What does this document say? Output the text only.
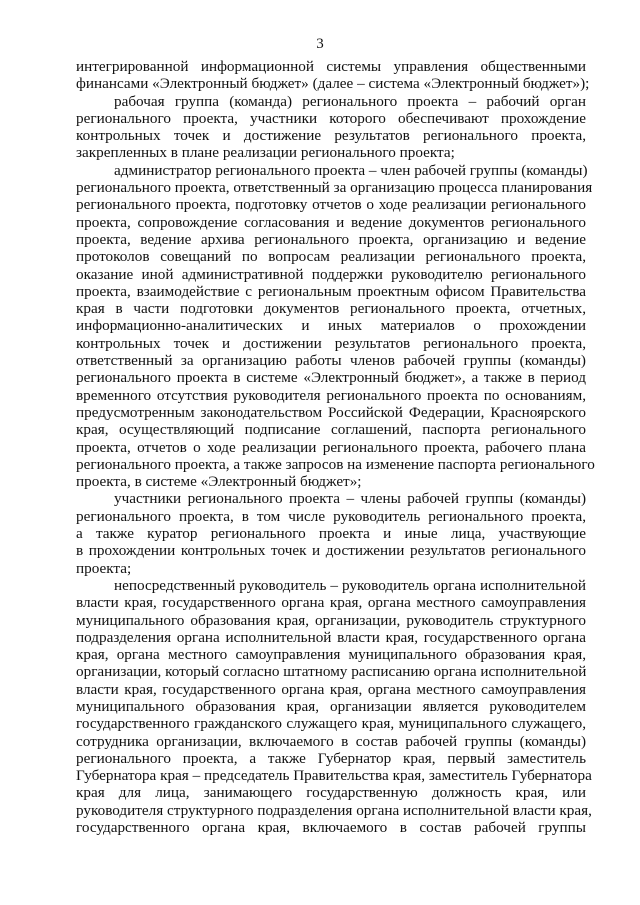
3
интегрированной информационной системы управления общественными
финансами «Электронный бюджет» (далее – система «Электронный бюджет»);
рабочая группа (команда) регионального проекта – рабочий орган
регионального проекта, участники которого обеспечивают прохождение
контрольных точек и достижение результатов регионального проекта,
закрепленных в плане реализации регионального проекта;
администратор регионального проекта – член рабочей группы (команды)
регионального проекта, ответственный за организацию процесса планирования
регионального проекта, подготовку отчетов о ходе реализации регионального
проекта, сопровождение согласования и ведение документов регионального
проекта, ведение архива регионального проекта, организацию и ведение
протоколов совещаний по вопросам реализации регионального проекта,
оказание иной административной поддержки руководителю регионального
проекта, взаимодействие с региональным проектным офисом Правительства
края в части подготовки документов регионального проекта, отчетных,
информационно-аналитических и иных материалов о прохождении
контрольных точек и достижении результатов регионального проекта,
ответственный за организацию работы членов рабочей группы (команды)
регионального проекта в системе «Электронный бюджет», а также в период
временного отсутствия руководителя регионального проекта по основаниям,
предусмотренным законодательством Российской Федерации, Красноярского
края, осуществляющий подписание соглашений, паспорта регионального
проекта, отчетов о ходе реализации регионального проекта, рабочего плана
регионального проекта, а также запросов на изменение паспорта регионального
проекта, в системе «Электронный бюджет»;
участники регионального проекта – члены рабочей группы (команды)
регионального проекта, в том числе руководитель регионального проекта,
а также куратор регионального проекта и иные лица, участвующие
в прохождении контрольных точек и достижении результатов регионального
проекта;
непосредственный руководитель – руководитель органа исполнительной
власти края, государственного органа края, органа местного самоуправления
муниципального образования края, организации, руководитель структурного
подразделения органа исполнительной власти края, государственного органа
края, органа местного самоуправления муниципального образования края,
организации, который согласно штатному расписанию органа исполнительной
власти края, государственного органа края, органа местного самоуправления
муниципального образования края, организации является руководителем
государственного гражданского служащего края, муниципального служащего,
сотрудника организации, включаемого в состав рабочей группы (команды)
регионального проекта, а также Губернатор края, первый заместитель
Губернатора края – председатель Правительства края, заместитель Губернатора
края для лица, занимающего государственную должность края, или
руководителя структурного подразделения органа исполнительной власти края,
государственного органа края, включаемого в состав рабочей группы
